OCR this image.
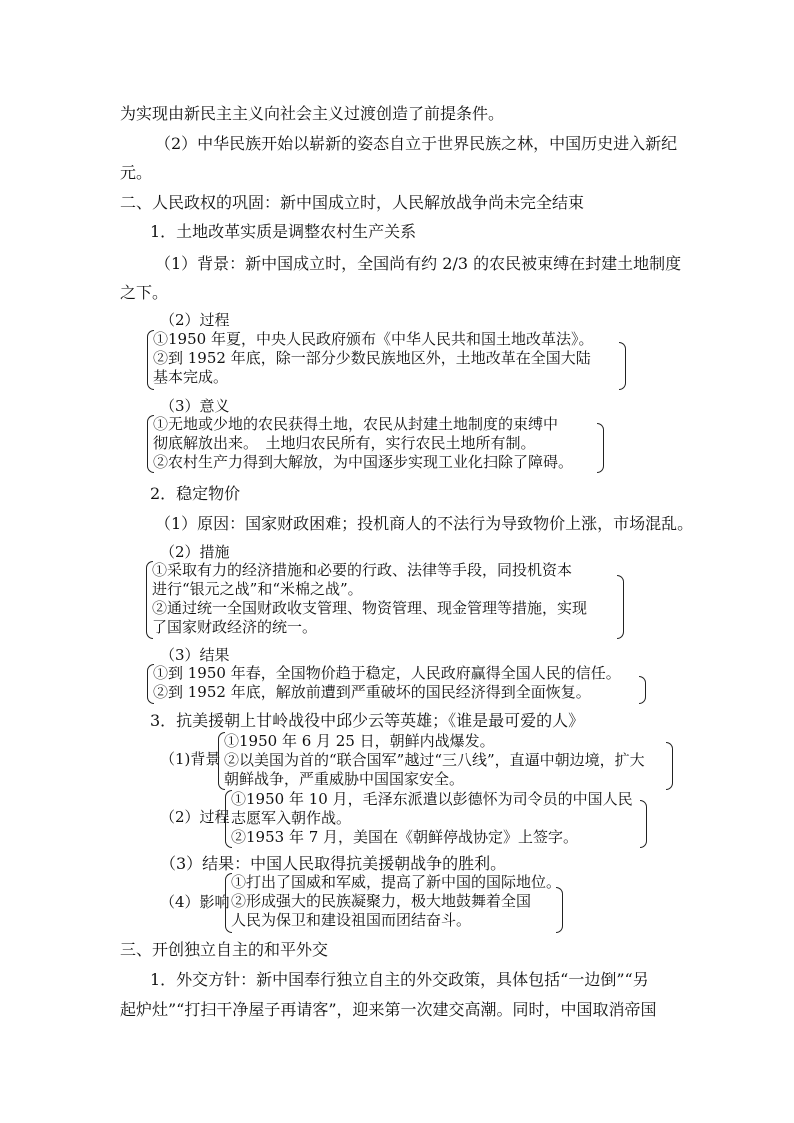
为实现由新民主主义向社会主义过渡创造了前提条件。
（2）中华民族开始以崭新的姿态自立于世界民族之林，中国历史进入新纪
元。
二、人民政权的巩固：新中国成立时，人民解放战争尚未完全结束
1．土地改革实质是调整农村生产关系
（1）背景：新中国成立时，全国尚有约 2/3 的农民被束缚在封建土地制度
之下。
（2）过程
①1950 年夏，中央人民政府颁布《中华人民共和国土地改革法》。
②到 1952 年底，除一部分少数民族地区外，土地改革在全国大陆
基本完成。
（3）意义
①无地或少地的农民获得土地，农民从封建土地制度的束缚中
彻底解放出来。　土地归农民所有，实行农民土地所有制。
②农村生产力得到大解放，为中国逐步实现工业化扫除了障碍。
2．稳定物价
（1）原因：国家财政困难；投机商人的不法行为导致物价上涨，市场混乱。
（2）措施
①采取有力的经济措施和必要的行政、法律等手段，同投机资本
进行“银元之战”和“米棉之战”。
②通过统一全国财政收支管理、物资管理、现金管理等措施，实现
了国家财政经济的统一。
（3）结果
①到 1950 年春，全国物价趋于稳定，人民政府赢得全国人民的信任。
②到 1952 年底，解放前遭到严重破坏的国民经济得到全面恢复。
3．抗美援朝上甘岭战役中邱少云等英雄；《谁是最可爱的人》
（1)背景
①1950 年 6 月 25 日，朝鲜内战爆发。
②以美国为首的“联合国军”越过“三八线”，直逼中朝边境，扩大
朝鲜战争，严重威胁中国国家安全。
（2）过程
①1950 年 10 月，毛泽东派遣以彭德怀为司令员的中国人民
志愿军入朝作战。
②1953 年 7 月，美国在《朝鲜停战协定》上签字。
（3）结果：中国人民取得抗美援朝战争的胜利。
（4）影响
①打出了国威和军威，提高了新中国的国际地位。
②形成强大的民族凝聚力，极大地鼓舞着全国
人民为保卫和建设祖国而团结奋斗。
三、开创独立自主的和平外交
1．外交方针：新中国奉行独立自主的外交政策，具体包括“一边倒”“另
起炉灶”“打扫干净屋子再请客”，迎来第一次建交高潮。同时，中国取消帝国
